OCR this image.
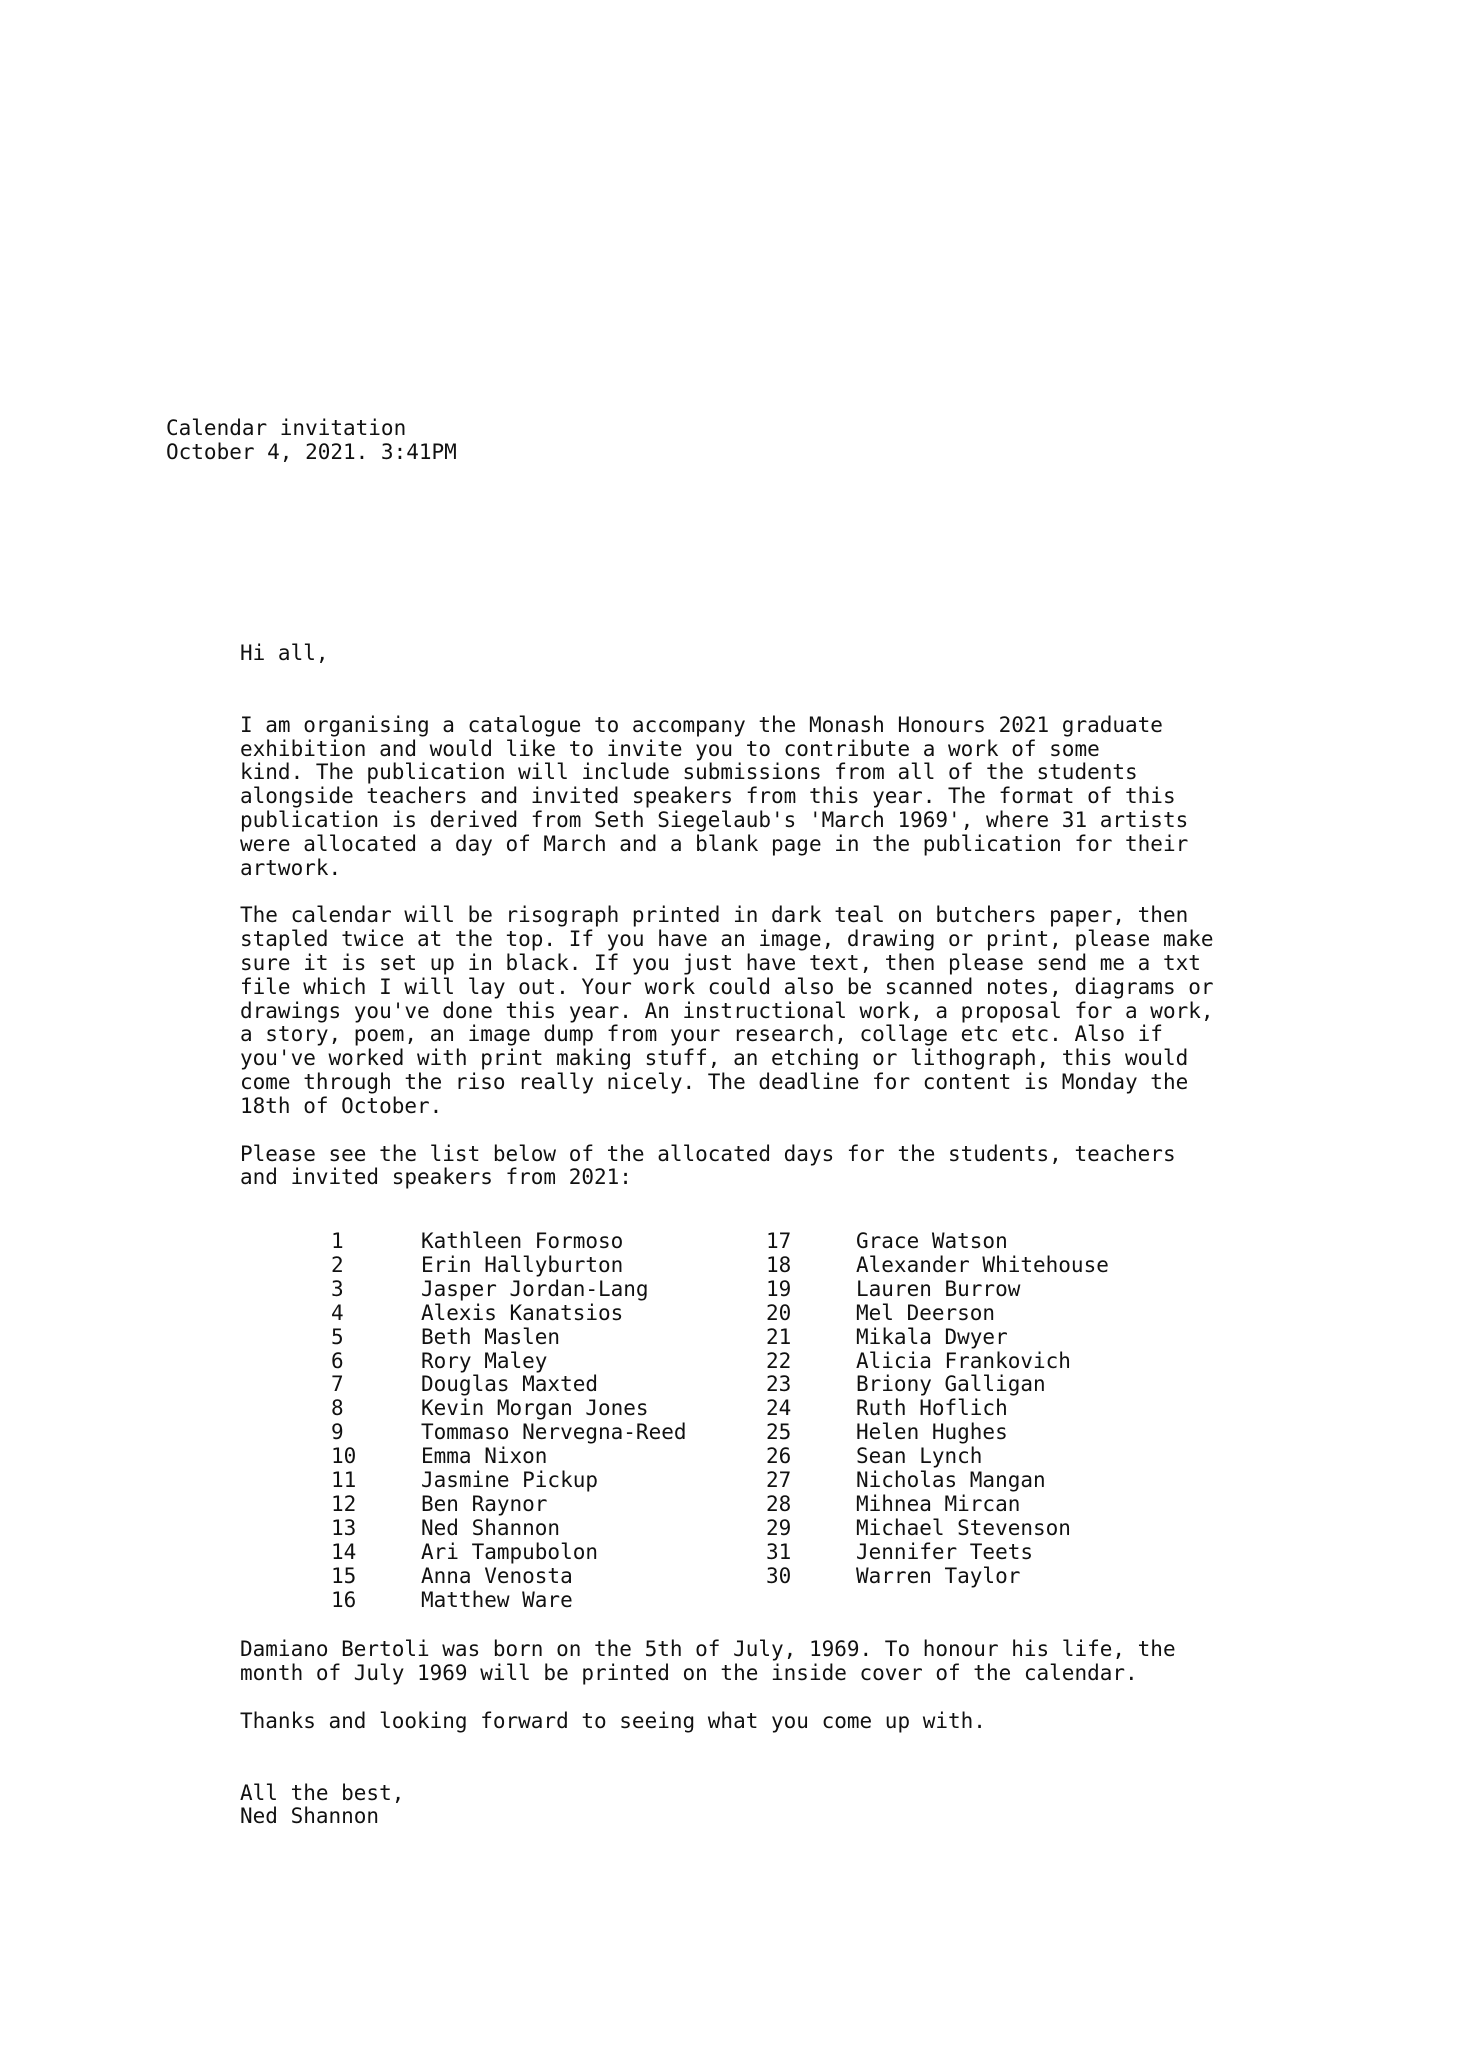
Calendar invitation
October 4, 2021. 3:41PM
Hi all,
I am organising a catalogue to accompany the Monash Honours 2021 graduate
exhibition and would like to invite you to contribute a work of some
kind. The publication will include submissions from all of the students
alongside teachers and invited speakers from this year. The format of this
publication is derived from Seth Siegelaub's 'March 1969', where 31 artists
were allocated a day of March and a blank page in the publication for their
artwork.
The calendar will be risograph printed in dark teal on butchers paper, then
stapled twice at the top. If you have an image, drawing or print, please make
sure it is set up in black. If you just have text, then please send me a txt
file which I will lay out. Your work could also be scanned notes, diagrams or
drawings you've done this year. An instructional work, a proposal for a work,
a story, poem, an image dump from your research, collage etc etc. Also if
you've worked with print making stuff, an etching or lithograph, this would
come through the riso really nicely. The deadline for content is Monday the
18th of October.
Please see the list below of the allocated days for the students, teachers
and invited speakers from 2021:
1	Kathleen Formoso
2	Erin Hallyburton
3	Jasper Jordan-Lang
4	Alexis Kanatsios
5	Beth Maslen
6	Rory Maley
7	Douglas Maxted
8	Kevin Morgan Jones
9	Tommaso Nervegna-Reed
10	Emma Nixon
11	Jasmine Pickup
12	Ben Raynor
13	Ned Shannon
14	Ari Tampubolon
15	Anna Venosta
16	Matthew Ware
17	Grace Watson
18	Alexander Whitehouse
19	Lauren Burrow
20	Mel Deerson
21	Mikala Dwyer
22	Alicia Frankovich
23	Briony Galligan
24	Ruth Hoflich
25	Helen Hughes
26	Sean Lynch
27	Nicholas Mangan
28	Mihnea Mircan
29	Michael Stevenson
31	Jennifer Teets
30	Warren Taylor
Damiano Bertoli was born on the 5th of July, 1969. To honour his life, the
month of July 1969 will be printed on the inside cover of the calendar.
Thanks and looking forward to seeing what you come up with.
All the best,
Ned Shannon
